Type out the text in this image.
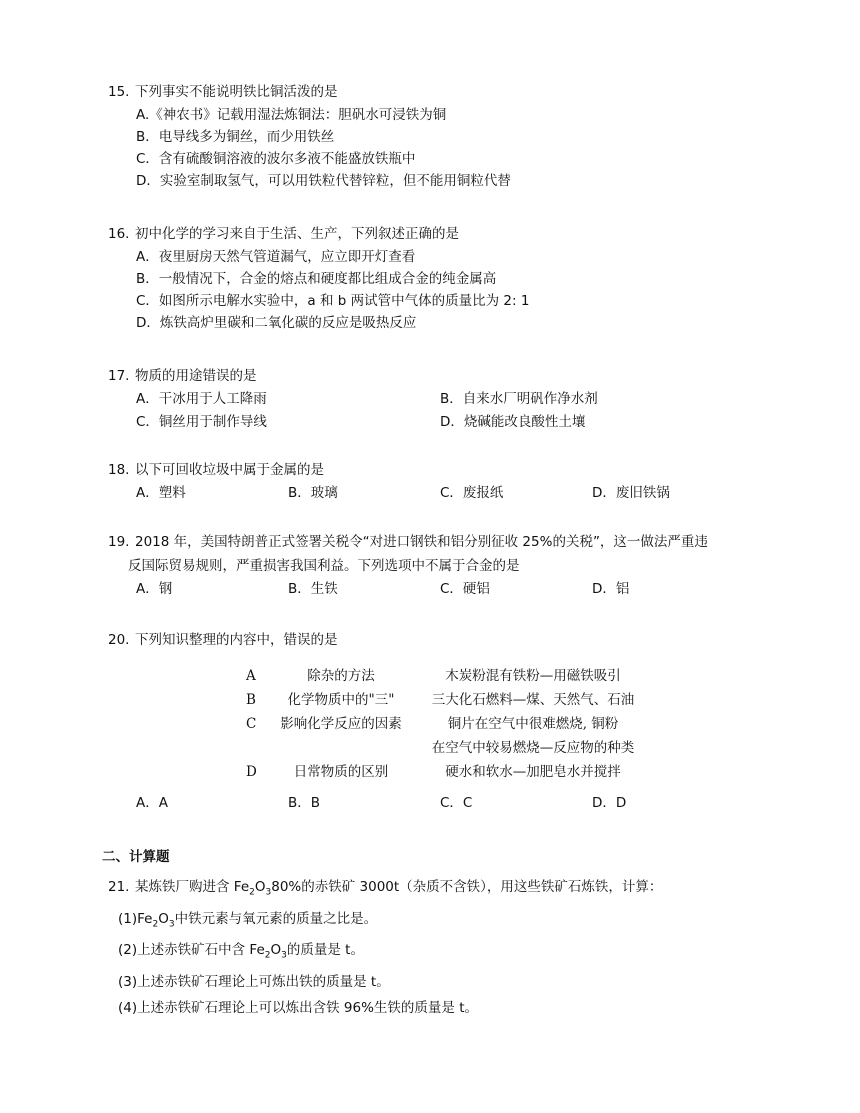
15. 下列事实不能说明铁比铜活泼的是
A.《神农书》记载用湿法炼铜法：胆矾水可浸铁为铜
B．电导线多为铜丝，而少用铁丝
C．含有硫酸铜溶液的波尔多液不能盛放铁瓶中
D．实验室制取氢气，可以用铁粒代替锌粒，但不能用铜粒代替
16. 初中化学的学习来自于生活、生产，下列叙述正确的是
A．夜里厨房天然气管道漏气，应立即开灯查看
B．一般情况下，合金的熔点和硬度都比组成合金的纯金属高
C．如图所示电解水实验中，a 和 b 两试管中气体的质量比为 2: 1
D．炼铁高炉里碳和二氧化碳的反应是吸热反应
17. 物质的用途错误的是
A．干冰用于人工降雨	B．自来水厂明矾作净水剂
C．铜丝用于制作导线	D．烧碱能改良酸性土壤
18. 以下可回收垃圾中属于金属的是
A．塑料	B．玻璃	C．废报纸	D．废旧铁锅
19. 2018 年，美国特朗普正式签署关税令“对进口钢铁和铝分别征收 25%的关税”，这一做法严重违
反国际贸易规则，严重损害我国利益。下列选项中不属于合金的是
A．钢	B．生铁	C．硬铝	D．铝
20. 下列知识整理的内容中，错误的是
A	除杂的方法	木炭粉混有铁粉—用磁铁吸引
B	化学物质中的"三"	三大化石燃料—煤、天然气、石油
C	影响化学反应的因素	铜片在空气中很难燃烧, 铜粉
在空气中较易燃烧—反应物的种类
D	日常物质的区别	硬水和软水—加肥皂水并搅拌
A．A	B．B	C．C	D．D
二、计算题
21. 某炼铁厂购进含 $Fe_2O_380\%$的赤铁矿 3000t（杂质不含铁），用这些铁矿石炼铁，计算：
$(1)Fe_2O_3$中铁元素与氧元素的质量之比是。
(2)上述赤铁矿石中含 $Fe_2O_3$的质量是 t。
(3)上述赤铁矿石理论上可炼出铁的质量是 t。
(4)上述赤铁矿石理论上可以炼出含铁 96%生铁的质量是 t。
